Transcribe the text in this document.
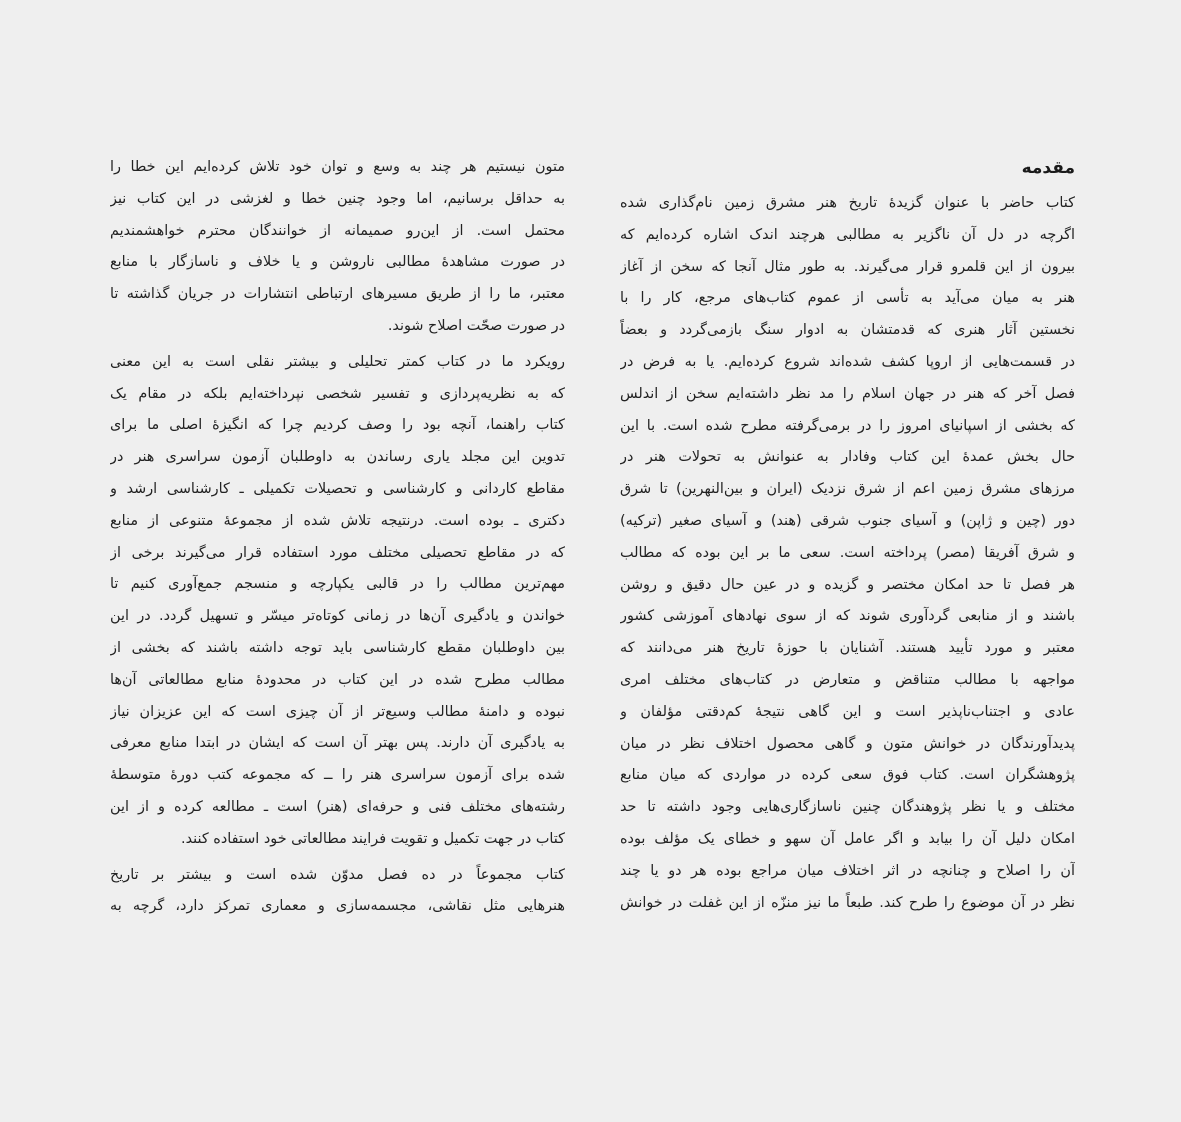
مقدمه
کتاب حاضر با عنوان گزیدهٔ تاریخ هنر مشرق زمین نام‌گذاری شده
اگرچه در دل آن ناگزیر به مطالبی هرچند اندک اشاره کرده‌ایم که
بیرون از این قلمرو قرار می‌گیرند. به طور مثال آنجا که سخن از آغاز
هنر به میان می‌آید به تأسی از عموم کتاب‌های مرجع، کار را با
نخستین آثار هنری که قدمتشان به ادوار سنگ بازمی‌گردد و بعضاً
در قسمت‌هایی از اروپا کشف شده‌اند شروع کرده‌ایم. یا به فرض در
فصل آخر که هنر در جهان اسلام را مد نظر داشته‌ایم سخن از اندلس
که بخشی از اسپانیای امروز را در برمی‌گرفته مطرح شده است. با این
حال بخش عمدهٔ این کتاب وفادار به عنوانش به تحولات هنر در
مرزهای مشرق زمین اعم از شرق نزدیک (ایران و بین‌النهرین) تا شرق
دور (چین و ژاپن) و آسیای جنوب شرقی (هند) و آسیای صغیر (ترکیه)
و شرق آفریقا (مصر) پرداخته است. سعی ما بر این بوده که مطالب
هر فصل تا حد امکان مختصر و گزیده و در عین حال دقیق و روشن
باشند و از منابعی گردآوری شوند که از سوی نهادهای آموزشی کشور
معتبر و مورد تأیید هستند. آشنایان با حوزهٔ تاریخ هنر می‌دانند که
مواجهه با مطالب متناقض و متعارض در کتاب‌های مختلف امری
عادی و اجتناب‌ناپذیر است و این گاهی نتیجهٔ کم‌دقتی مؤلفان و
پدیدآورندگان در خوانش متون و گاهی محصول اختلاف نظر در میان
پژوهشگران است. کتاب فوق سعی کرده در مواردی که میان منابع
مختلف و یا نظر پژوهندگان چنین ناسازگاری‌هایی وجود داشته تا حد
امکان دلیل آن را بیابد و اگر عامل آن سهو و خطای یک مؤلف بوده
آن را اصلاح و چنانچه در اثر اختلاف میان مراجع بوده هر دو یا چند
نظر در آن موضوع را طرح کند. طبعاً ما نیز منزّه از این غفلت در خوانش
متون نیستیم هر چند به وسع و توان خود تلاش کرده‌ایم این خطا را
به حداقل برسانیم، اما وجود چنین خطا و لغزشی در این کتاب نیز
محتمل است. از این‌رو صمیمانه از خوانندگان محترم خواهشمندیم
در صورت مشاهدهٔ مطالبی ناروشن و یا خلاف و ناسازگار با منابع
معتبر، ما را از طریق مسیرهای ارتباطی انتشارات در جریان گذاشته تا
در صورت صحّت اصلاح شوند.
رویکرد ما در کتاب کمتر تحلیلی و بیشتر نقلی است به این معنی
که به نظریه‌پردازی و تفسیر شخصی نپرداخته‌ایم بلکه در مقام یک
کتاب راهنما، آنچه بود را وصف کردیم چرا که انگیزهٔ اصلی ما برای
تدوین این مجلد یاری رساندن به داوطلبان آزمون سراسری هنر در
مقاطع کاردانی و کارشناسی و تحصیلات تکمیلی ـ کارشناسی ارشد و
دکتری ـ بوده است. درنتیجه تلاش شده از مجموعهٔ متنوعی از منابع
که در مقاطع تحصیلی مختلف مورد استفاده قرار می‌گیرند برخی از
مهم‌ترین مطالب را در قالبی یکپارچه و منسجم جمع‌آوری کنیم تا
خواندن و یادگیری آن‌ها در زمانی کوتاه‌تر میسّر و تسهیل گردد. در این
بین داوطلبان مقطع کارشناسی باید توجه داشته باشند که بخشی از
مطالب مطرح شده در این کتاب در محدودهٔ منابع مطالعاتی آن‌ها
نبوده و دامنهٔ مطالب وسیع‌تر از آن چیزی است که این عزیزان نیاز
به یادگیری آن دارند. پس بهتر آن است که ایشان در ابتدا منابع معرفی
شده برای آزمون سراسری هنر را ــ که مجموعه کتب دورهٔ متوسطهٔ
رشته‌های مختلف فنی و حرفه‌ای (هنر) است ـ مطالعه کرده و از این
کتاب در جهت تکمیل و تقویت فرایند مطالعاتی خود استفاده کنند.
کتاب مجموعاً در ده فصل مدوّن شده است و بیشتر بر تاریخ
هنرهایی مثل نقاشی، مجسمه‌سازی و معماری تمرکز دارد، گرچه به
